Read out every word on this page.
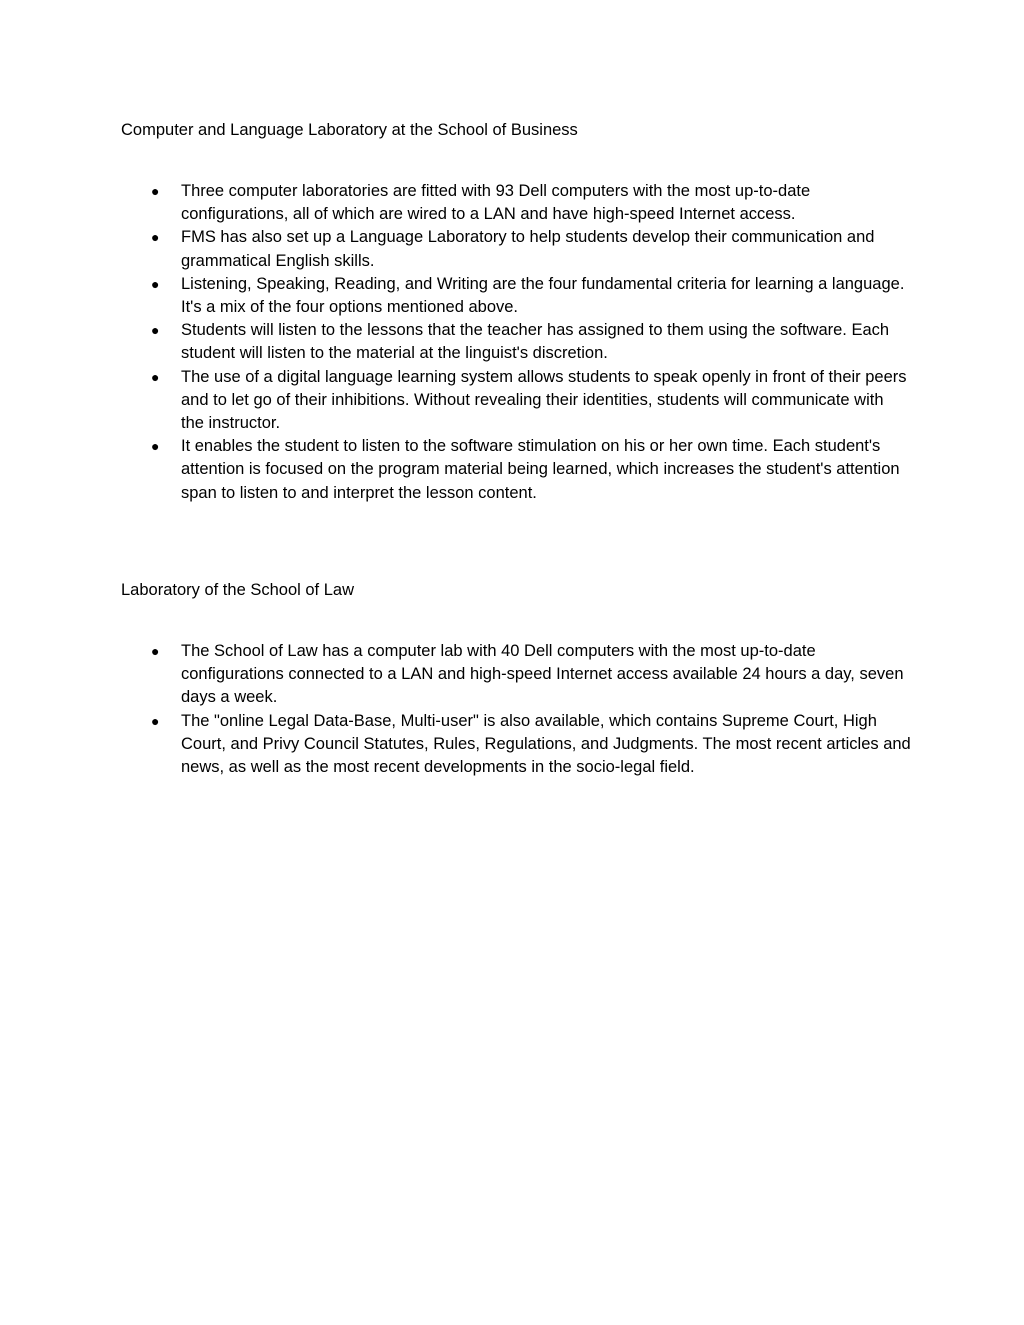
Computer and Language Laboratory at the School of Business
● Three computer laboratories are fitted with 93 Dell computers with the most up-to-date configurations, all of which are wired to a LAN and have high-speed Internet access.
● FMS has also set up a Language Laboratory to help students develop their communication and grammatical English skills.
● Listening, Speaking, Reading, and Writing are the four fundamental criteria for learning a language. It's a mix of the four options mentioned above.
● Students will listen to the lessons that the teacher has assigned to them using the software. Each student will listen to the material at the linguist's discretion.
● The use of a digital language learning system allows students to speak openly in front of their peers and to let go of their inhibitions. Without revealing their identities, students will communicate with the instructor.
● It enables the student to listen to the software stimulation on his or her own time. Each student's attention is focused on the program material being learned, which increases the student's attention span to listen to and interpret the lesson content.
Laboratory of the School of Law
● The School of Law has a computer lab with 40 Dell computers with the most up-to-date configurations connected to a LAN and high-speed Internet access available 24 hours a day, seven days a week.
● The "online Legal Data-Base, Multi-user" is also available, which contains Supreme Court, High Court, and Privy Council Statutes, Rules, Regulations, and Judgments. The most recent articles and news, as well as the most recent developments in the socio-legal field.
